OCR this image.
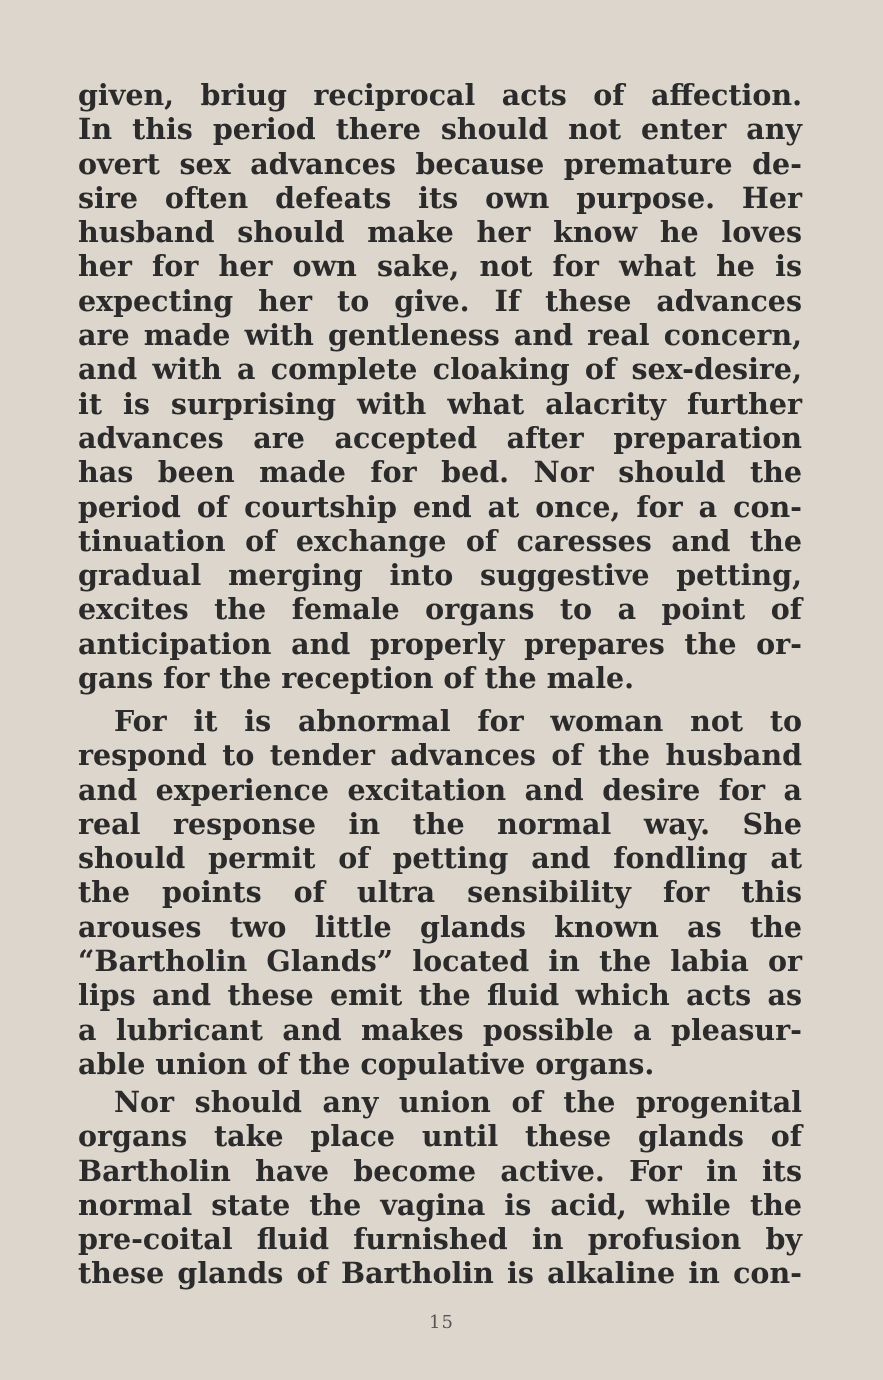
given, briug reciprocal acts of affection.
In this period there should not enter any
overt sex advances because premature de-
sire often defeats its own purpose. Her
husband should make her know he loves
her for her own sake, not for what he is
expecting her to give. If these advances
are made with gentleness and real concern,
and with a complete cloaking of sex-desire,
it is surprising with what alacrity further
advances are accepted after preparation
has been made for bed. Nor should the
period of courtship end at once, for a con-
tinuation of exchange of caresses and the
gradual merging into suggestive petting,
excites the female organs to a point of
anticipation and properly prepares the or-
gans for the reception of the male.
For it is abnormal for woman not to
respond to tender advances of the husband
and experience excitation and desire for a
real response in the normal way. She
should permit of petting and fondling at
the points of ultra sensibility for this
arouses two little glands known as the
“Bartholin Glands” located in the labia or
lips and these emit the fluid which acts as
a lubricant and makes possible a pleasur-
able union of the copulative organs.
Nor should any union of the progenital
organs take place until these glands of
Bartholin have become active. For in its
normal state the vagina is acid, while the
pre-coital fluid furnished in profusion by
these glands of Bartholin is alkaline in con-
15
